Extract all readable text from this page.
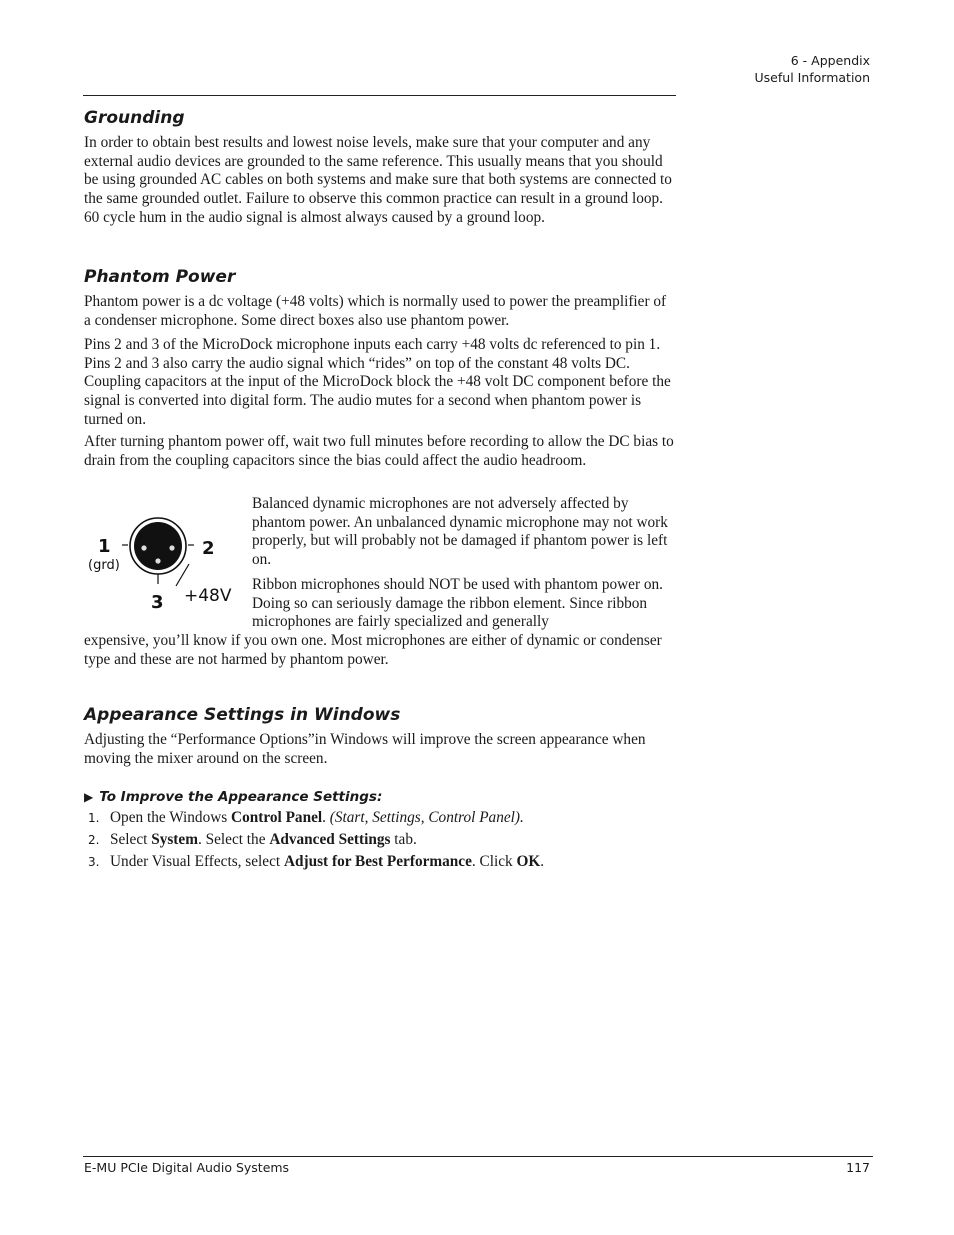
6 - Appendix
Useful Information
Grounding

In order to obtain best results and lowest noise levels, make sure that your computer and any external audio devices are grounded to the same reference. This usually means that you should be using grounded AC cables on both systems and make sure that both systems are connected to the same grounded outlet. Failure to observe this common practice can result in a ground loop. 60 cycle hum in the audio signal is almost always caused by a ground loop.

Phantom Power

Phantom power is a dc voltage (+48 volts) which is normally used to power the preamplifier of a condenser microphone. Some direct boxes also use phantom power.

Pins 2 and 3 of the MicroDock microphone inputs each carry +48 volts dc referenced to pin 1. Pins 2 and 3 also carry the audio signal which “rides” on top of the constant 48 volts DC. Coupling capacitors at the input of the MicroDock block the +48 volt DC component before the signal is converted into digital form. The audio mutes for a second when phantom power is turned on.

After turning phantom power off, wait two full minutes before recording to allow the DC bias to drain from the coupling capacitors since the bias could affect the audio headroom.

1	2
3
(grd)
+48V

Balanced dynamic microphones are not adversely affected by phantom power. An unbalanced dynamic microphone may not work properly, but will probably not be damaged if phantom power is left on.

Ribbon microphones should NOT be used with phantom power on. Doing so can seriously damage the ribbon element. Since ribbon microphones are fairly specialized and generally

expensive, you’ll know if you own one. Most microphones are either of dynamic or condenser type and these are not harmed by phantom power.

Appearance Settings in Windows

Adjusting the “Performance Options”in Windows will improve the screen appearance when moving the mixer around on the screen.

▶ To Improve the Appearance Settings:
1. Open the Windows Control Panel. (Start, Settings, Control Panel).
2. Select System. Select the Advanced Settings tab.
3. Under Visual Effects, select Adjust for Best Performance. Click OK.
E-MU PCIe Digital Audio Systems	117
